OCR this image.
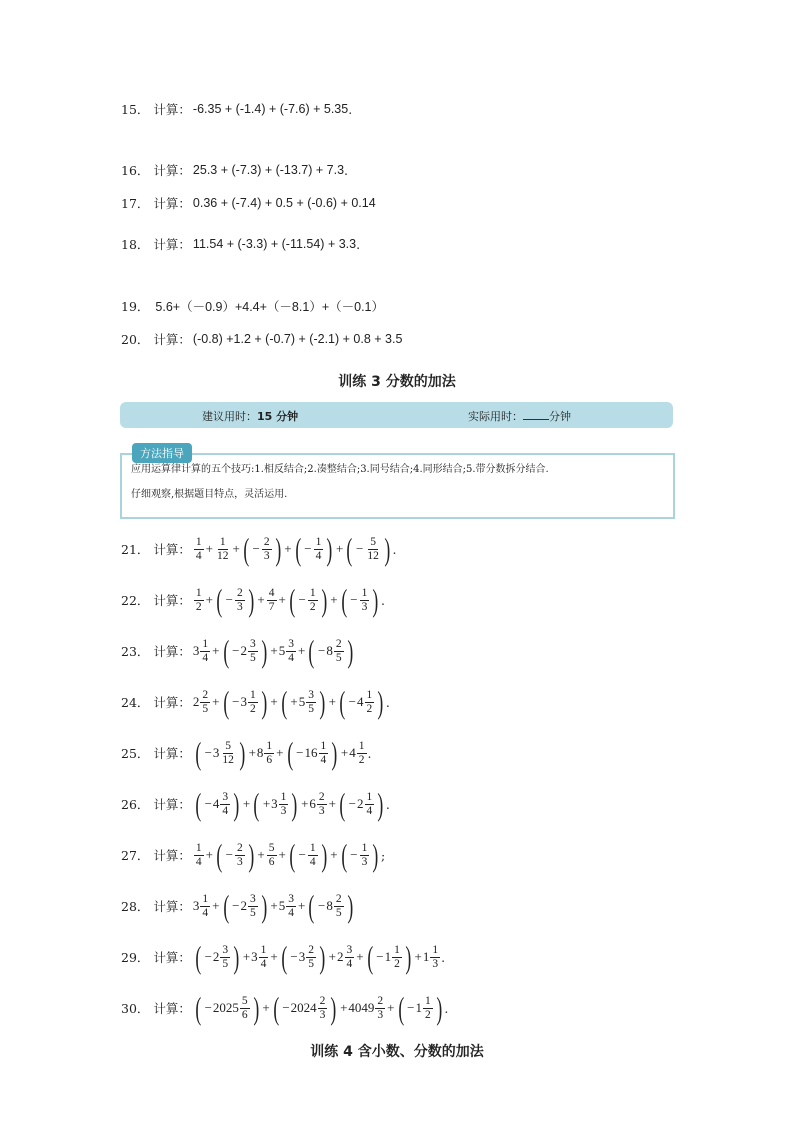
15． 计算： -6.35 + (-1.4) + (-7.6) + 5.35 .
16． 计算： 25.3 + (-7.3) + (-13.7) + 7.3 .
17． 计算： 0.36 + (-7.4) + 0.5 + (-0.6) + 0.14
18． 计算： 11.54 + (-3.3) + (-11.54) + 3.3 .
19． 5.6+（－0.9）+4.4+（－8.1）+（－0.1）
20． 计算： (-0.8) +1.2 + (-0.7) + (-2.1) + 0.8 + 3.5
训练 3 分数的加法
建议用时：15 分钟	实际用时： 分钟
方法指导
应用运算律计算的五个技巧:1.相反结合;2.凑整结合;3.同号结合;4.同形结合;5.带分数拆分结合.
仔细观察,根据题目特点，灵活运用.
21． 计算：
1
$4 + \frac{1}{12}$ + ( − $\frac{2}{3}$ ) + ( − $\frac{1}{4}$ ) + ( − $\frac{5}{12}$ ) .
22． 计算：
1
2 + ( − $\frac{2}{3}$ ) + $\frac{4}{7}$ + ( − $\frac{1}{2}$ ) + ( − $\frac{1}{3}$ ) .
23． 计算： 3 1
4 + ( − 2 3
5 ) + 5 3
4 + ( − 8 2
5 )
24． 计算： 2 2
5 + ( − 3 1
2 ) + ( + 5 3
5 ) + ( − 4 1
2 ) .
25． 计算： ( − 3 5
12 ) + 8 1
6 + ( − 16 1
4 ) + 4 1
2 .
26． 计算： ( − 4 3
4 ) + ( + 3 1
3 ) + 6 2
3 + ( − 2 1
4 ) .
27． 计算：
1
4 + ( − $\frac{2}{3}$ ) + $\frac{5}{6}$ + ( − $\frac{1}{4}$ ) + ( − $\frac{1}{3}$ ) ;
28． 计算： 3 1
4 + ( − 2 3
5 ) + 5 3
4 + ( − 8 2
5 )
29． 计算： ( − 2 3
5 ) + 3 1
4 + ( − 3 2
5 ) + 2 3
4 + ( − 1 1
2 ) + 1 1
3 .
30． 计算： ( − 2025 5
6 ) + ( − 2024 2
3 ) + 4049 2
3 + ( − 1 1
2 ) .
训练 4 含小数、分数的加法
